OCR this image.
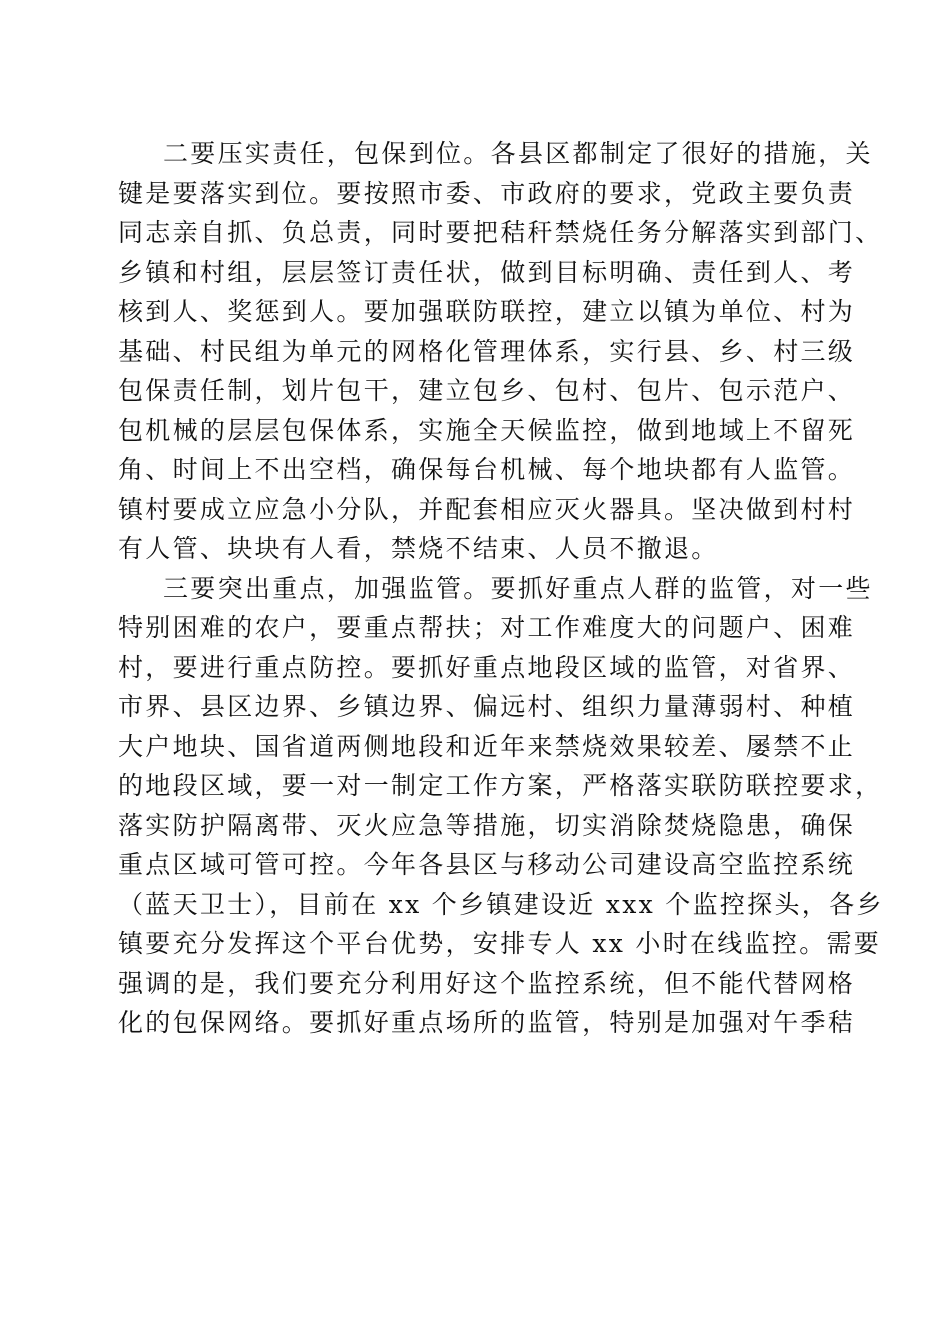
二要压实责任，包保到位。各县区都制定了很好的措施，关
键是要落实到位。要按照市委、市政府的要求，党政主要负责
同志亲自抓、负总责，同时要把秸秆禁烧任务分解落实到部门、
乡镇和村组，层层签订责任状，做到目标明确、责任到人、考
核到人、奖惩到人。要加强联防联控，建立以镇为单位、村为
基础、村民组为单元的网格化管理体系，实行县、乡、村三级
包保责任制，划片包干，建立包乡、包村、包片、包示范户、
包机械的层层包保体系，实施全天候监控，做到地域上不留死
角、时间上不出空档，确保每台机械、每个地块都有人监管。
镇村要成立应急小分队，并配套相应灭火器具。坚决做到村村
有人管、块块有人看，禁烧不结束、人员不撤退。
三要突出重点，加强监管。要抓好重点人群的监管，对一些
特别困难的农户，要重点帮扶；对工作难度大的问题户、困难
村，要进行重点防控。要抓好重点地段区域的监管，对省界、
市界、县区边界、乡镇边界、偏远村、组织力量薄弱村、种植
大户地块、国省道两侧地段和近年来禁烧效果较差、屡禁不止
的地段区域，要一对一制定工作方案，严格落实联防联控要求，
落实防护隔离带、灭火应急等措施，切实消除焚烧隐患，确保
重点区域可管可控。今年各县区与移动公司建设高空监控系统
（蓝天卫士），目前在 xx 个乡镇建设近 xxx 个监控探头，各乡
镇要充分发挥这个平台优势，安排专人 xx 小时在线监控。需要
强调的是，我们要充分利用好这个监控系统，但不能代替网格
化的包保网络。要抓好重点场所的监管，特别是加强对午季秸
